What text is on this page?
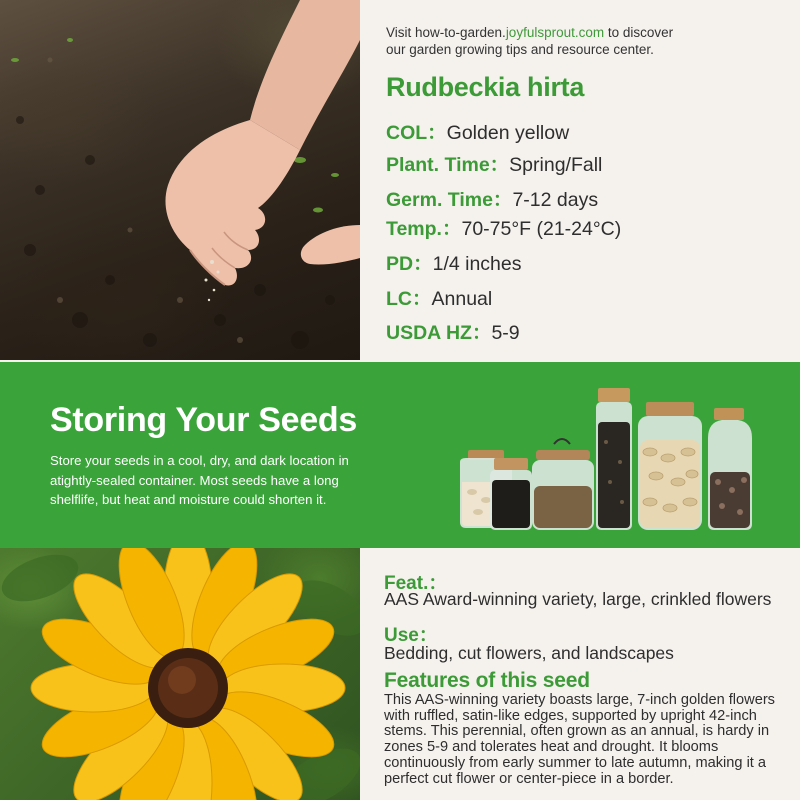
Visit how-to-garden.joyfulsprout.com to discover
our garden growing tips and resource center.
Rudbeckia hirta
COL：Golden yellow
Plant. Time：Spring/Fall
Germ. Time：7-12 days
Temp.：70-75°F (21-24°C)
PD：1/4 inches
LC：Annual
USDA HZ：5-9
Storing Your Seeds
Store your seeds in a cool, dry, and dark location in atightly-sealed container. Most seeds have a long shelflife, but heat and moisture could shorten it.
Feat.：
AAS Award-winning variety, large, crinkled flowers
Use：
Bedding, cut flowers, and landscapes
Features of this seed
This AAS-winning variety boasts large, 7-inch golden flowers with ruffled, satin-like edges, supported by upright 42-inch stems. This perennial, often grown as an annual, is hardy in zones 5-9 and tolerates heat and drought. It blooms continuously from early summer to late autumn, making it a perfect cut flower or center-piece in a border.
